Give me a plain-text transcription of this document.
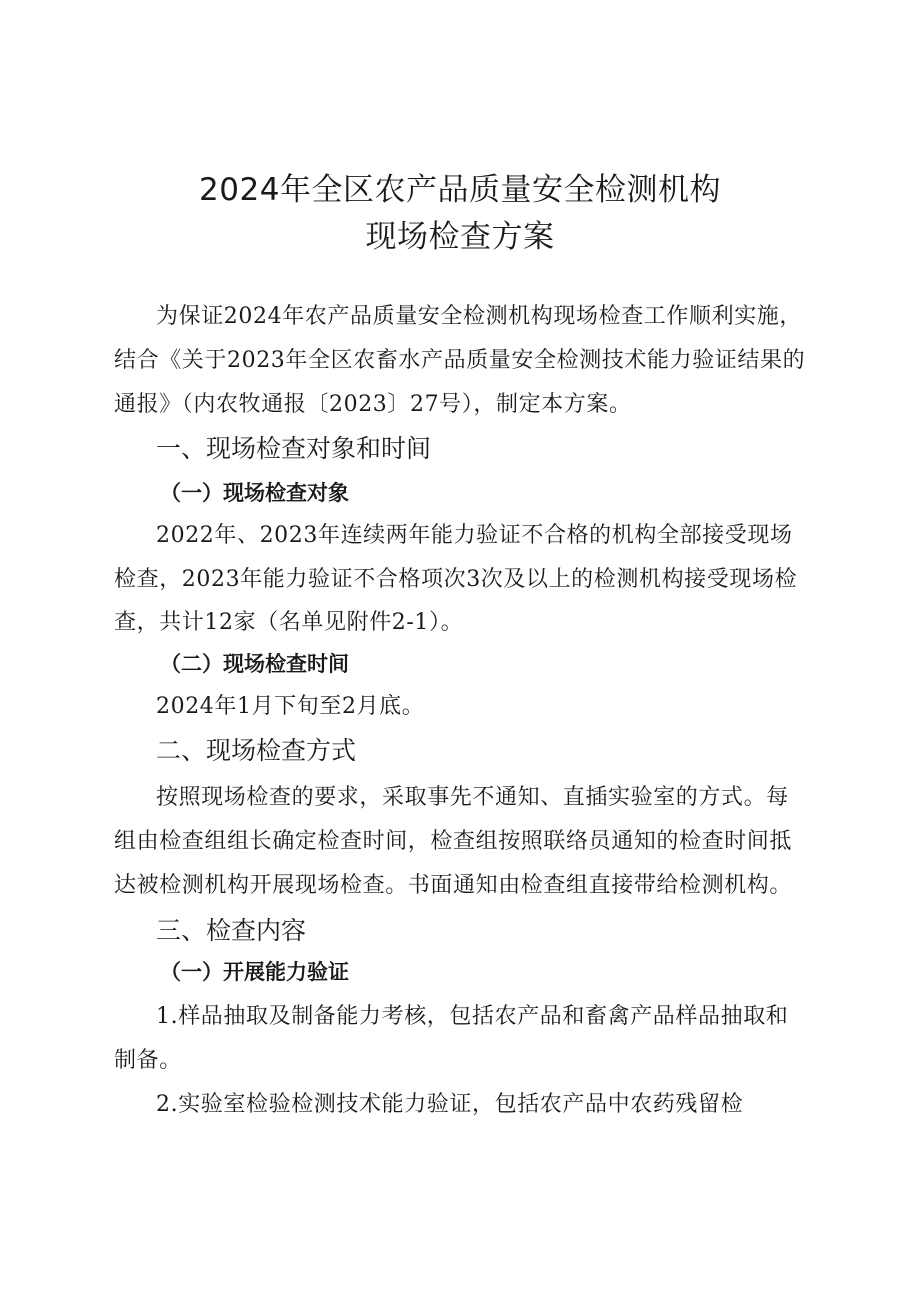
2024年全区农产品质量安全检测机构
现场检查方案
为保证2024年农产品质量安全检测机构现场检查工作顺利实施，
结合《关于2023年全区农畜水产品质量安全检测技术能力验证结果的
通报》（内农牧通报〔2023〕27号），制定本方案。
一、现场检查对象和时间
（一）现场检查对象
2022年、2023年连续两年能力验证不合格的机构全部接受现场
检查，2023年能力验证不合格项次3次及以上的检测机构接受现场检
查，共计12家（名单见附件2-1）。
（二）现场检查时间
2024年1月下旬至2月底。
二、现场检查方式
按照现场检查的要求，采取事先不通知、直插实验室的方式。每
组由检查组组长确定检查时间，检查组按照联络员通知的检查时间抵
达被检测机构开展现场检查。书面通知由检查组直接带给检测机构。
三、检查内容
（一）开展能力验证
1.样品抽取及制备能力考核，包括农产品和畜禽产品样品抽取和
制备。
2.实验室检验检测技术能力验证，包括农产品中农药残留检
